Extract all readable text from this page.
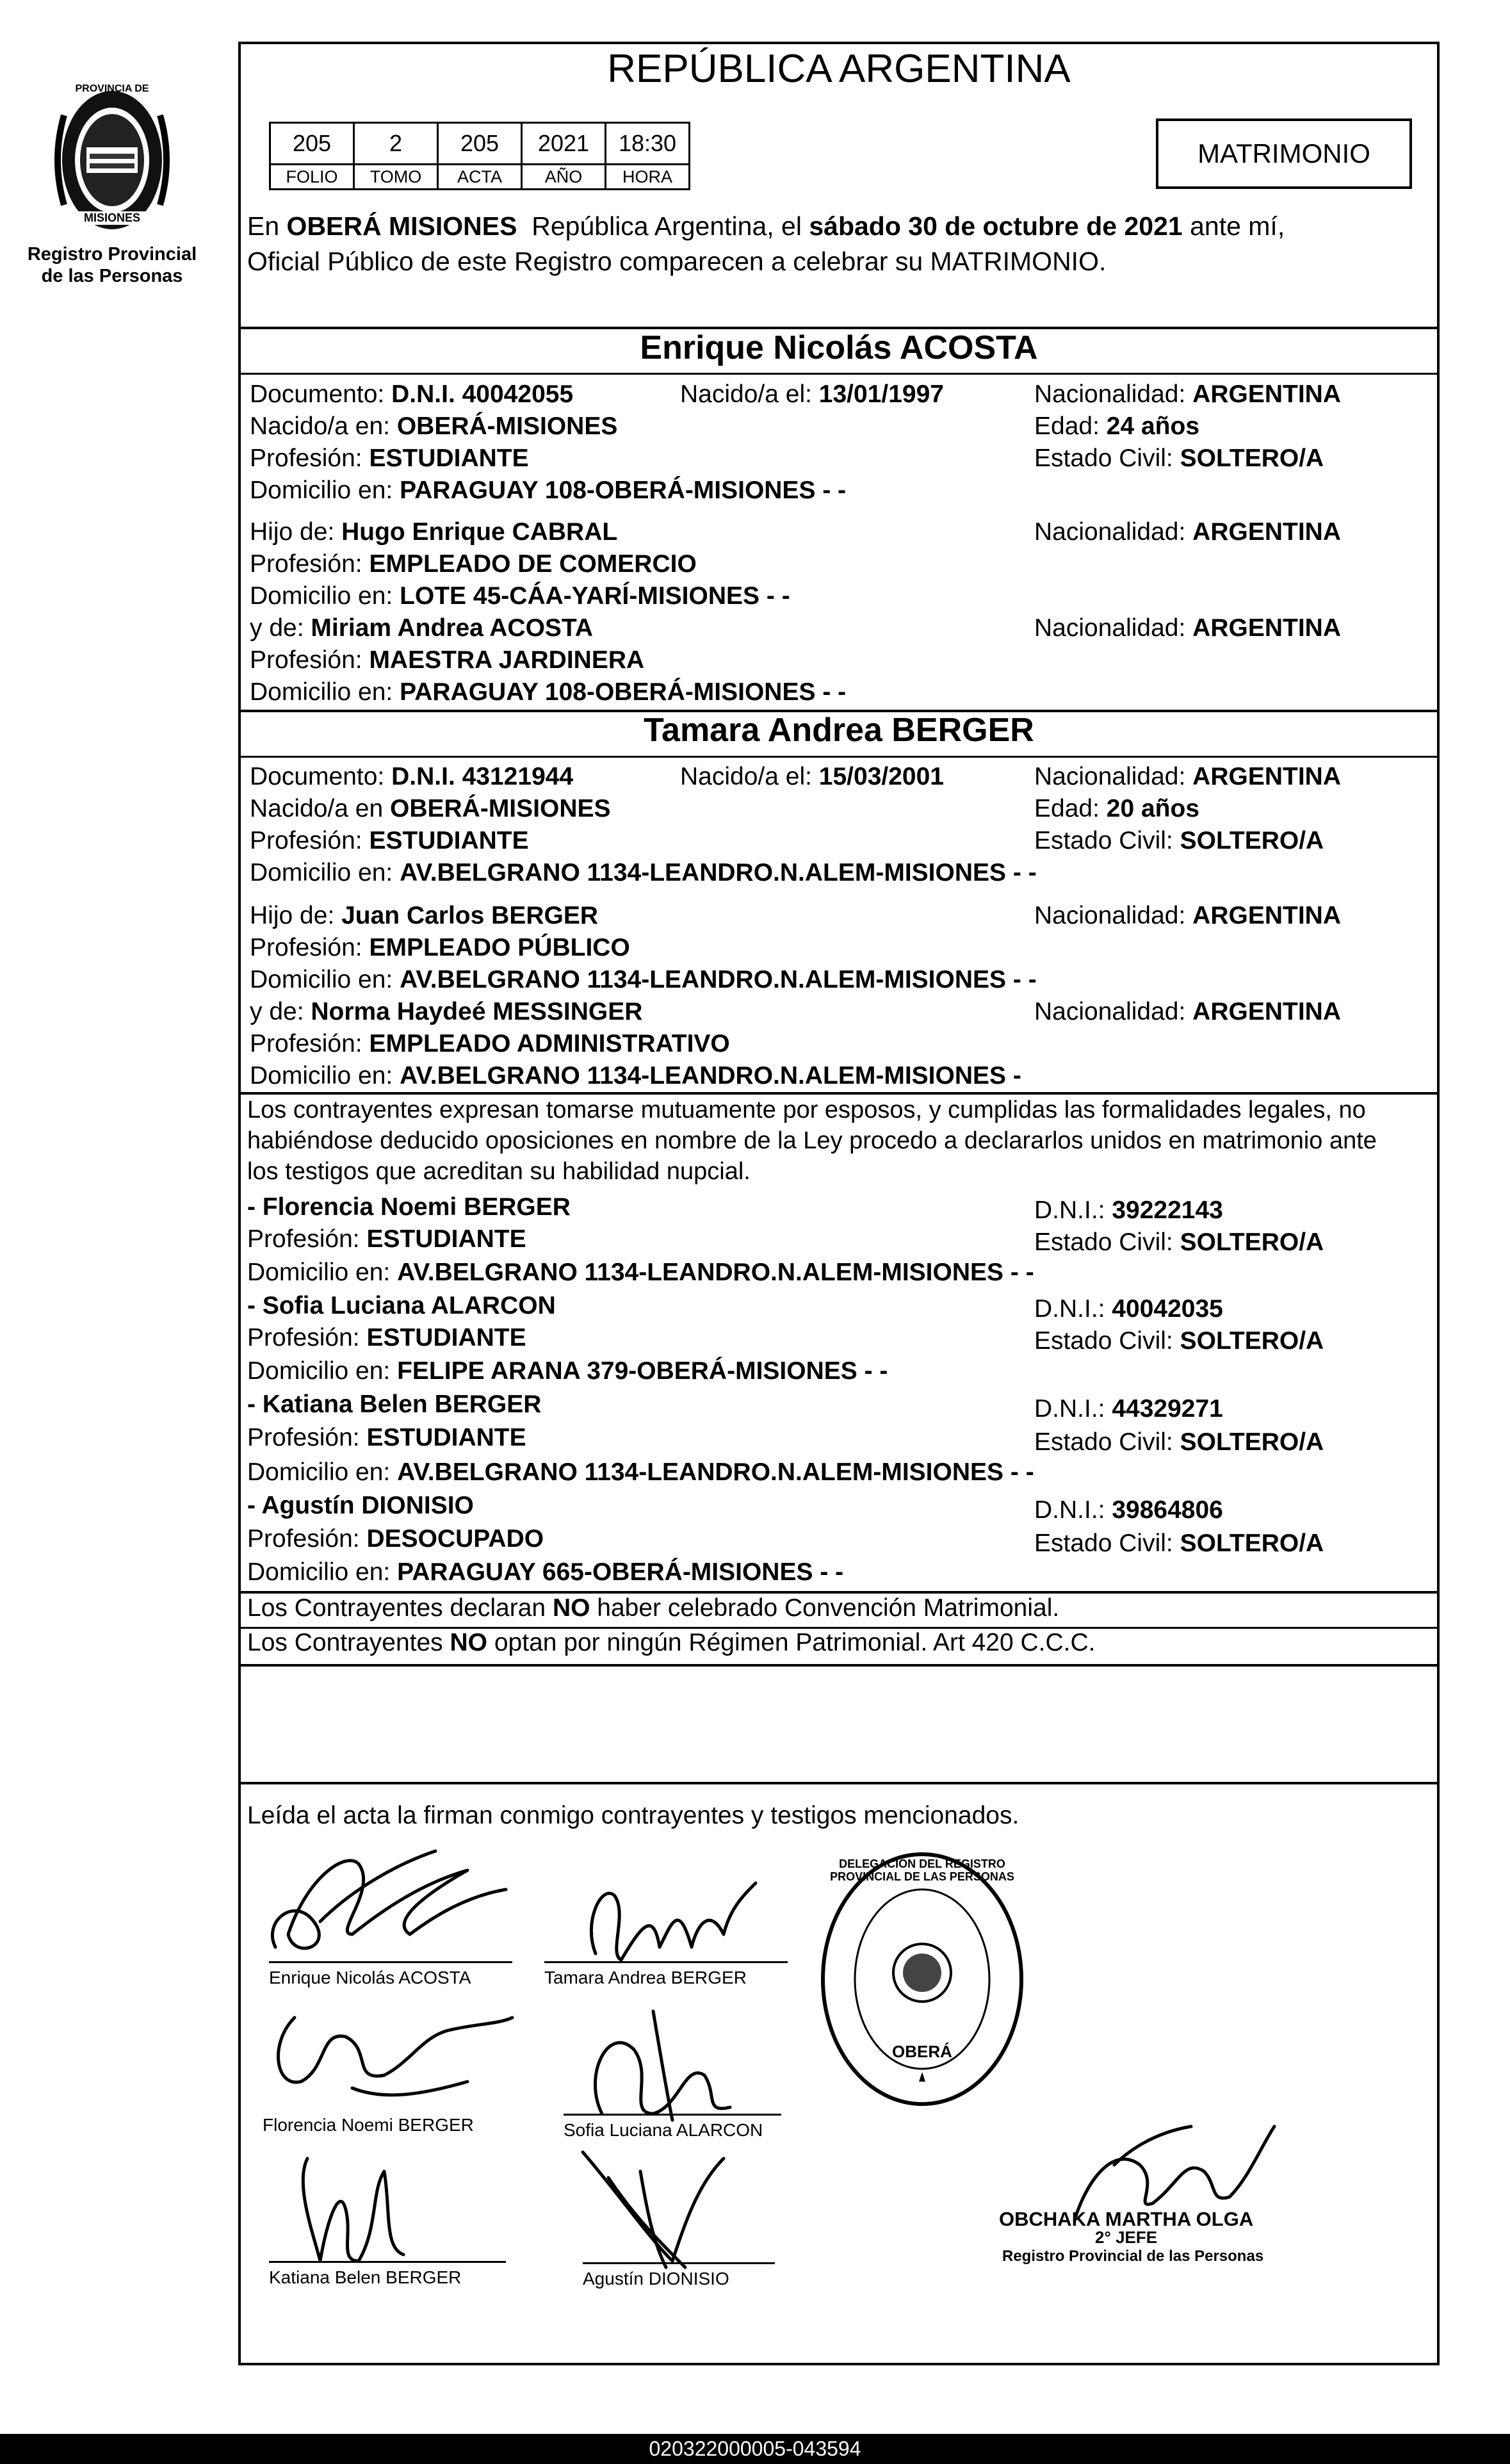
PROVINCIA DE
MISIONES
Registro Provincial
de las Personas
REPÚBLICA ARGENTINA
205	2	205	2021	18:30
FOLIO	TOMO	ACTA	AÑO	HORA
MATRIMONIO
En OBERÁ MISIONES  República Argentina, el sábado 30 de octubre de 2021 ante mí,
Oficial Público de este Registro comparecen a celebrar su MATRIMONIO.
Enrique Nicolás ACOSTA
Documento: D.N.I. 40042055	Nacido/a el: 13/01/1997	Nacionalidad: ARGENTINA
Nacido/a en: OBERÁ-MISIONES	Edad: 24 años
Profesión: ESTUDIANTE	Estado Civil: SOLTERO/A
Domicilio en: PARAGUAY 108-OBERÁ-MISIONES - -
Hijo de: Hugo Enrique CABRAL	Nacionalidad: ARGENTINA
Profesión: EMPLEADO DE COMERCIO
Domicilio en: LOTE 45-CÁA-YARÍ-MISIONES - -
y de: Miriam Andrea ACOSTA	Nacionalidad: ARGENTINA
Profesión: MAESTRA JARDINERA
Domicilio en: PARAGUAY 108-OBERÁ-MISIONES - -
Tamara Andrea BERGER
Documento: D.N.I. 43121944	Nacido/a el: 15/03/2001	Nacionalidad: ARGENTINA
Nacido/a en OBERÁ-MISIONES	Edad: 20 años
Profesión: ESTUDIANTE	Estado Civil: SOLTERO/A
Domicilio en: AV.BELGRANO 1134-LEANDRO.N.ALEM-MISIONES - -
Hijo de: Juan Carlos BERGER	Nacionalidad: ARGENTINA
Profesión: EMPLEADO PÚBLICO
Domicilio en: AV.BELGRANO 1134-LEANDRO.N.ALEM-MISIONES - -
y de: Norma Haydeé MESSINGER	Nacionalidad: ARGENTINA
Profesión: EMPLEADO ADMINISTRATIVO
Domicilio en: AV.BELGRANO 1134-LEANDRO.N.ALEM-MISIONES -
Los contrayentes expresan tomarse mutuamente por esposos, y cumplidas las formalidades legales, no
habiéndose deducido oposiciones en nombre de la Ley procedo a declararlos unidos en matrimonio ante
los testigos que acreditan su habilidad nupcial.
- Florencia Noemi BERGER	D.N.I.: 39222143
Profesión: ESTUDIANTE	Estado Civil: SOLTERO/A
Domicilio en: AV.BELGRANO 1134-LEANDRO.N.ALEM-MISIONES - -
- Sofia Luciana ALARCON	D.N.I.: 40042035
Profesión: ESTUDIANTE	Estado Civil: SOLTERO/A
Domicilio en: FELIPE ARANA 379-OBERÁ-MISIONES - -
- Katiana Belen BERGER	D.N.I.: 44329271
Profesión: ESTUDIANTE	Estado Civil: SOLTERO/A
Domicilio en: AV.BELGRANO 1134-LEANDRO.N.ALEM-MISIONES - -
- Agustín DIONISIO	D.N.I.: 39864806
Profesión: DESOCUPADO	Estado Civil: SOLTERO/A
Domicilio en: PARAGUAY 665-OBERÁ-MISIONES - -
Los Contrayentes declaran NO haber celebrado Convención Matrimonial.
Los Contrayentes NO optan por ningún Régimen Patrimonial. Art 420 C.C.C.
Leída el acta la firman conmigo contrayentes y testigos mencionados.
Enrique Nicolás ACOSTA	Tamara Andrea BERGER
Florencia Noemi BERGER	Sofia Luciana ALARCON
Katiana Belen BERGER	Agustín DIONISIO
OBERÁ
DELEGACION DEL REGISTRO PROVINCIAL DE LAS PERSONAS
OBCHAKA MARTHA OLGA
2° JEFE
Registro Provincial de las Personas
020322000005-043594
